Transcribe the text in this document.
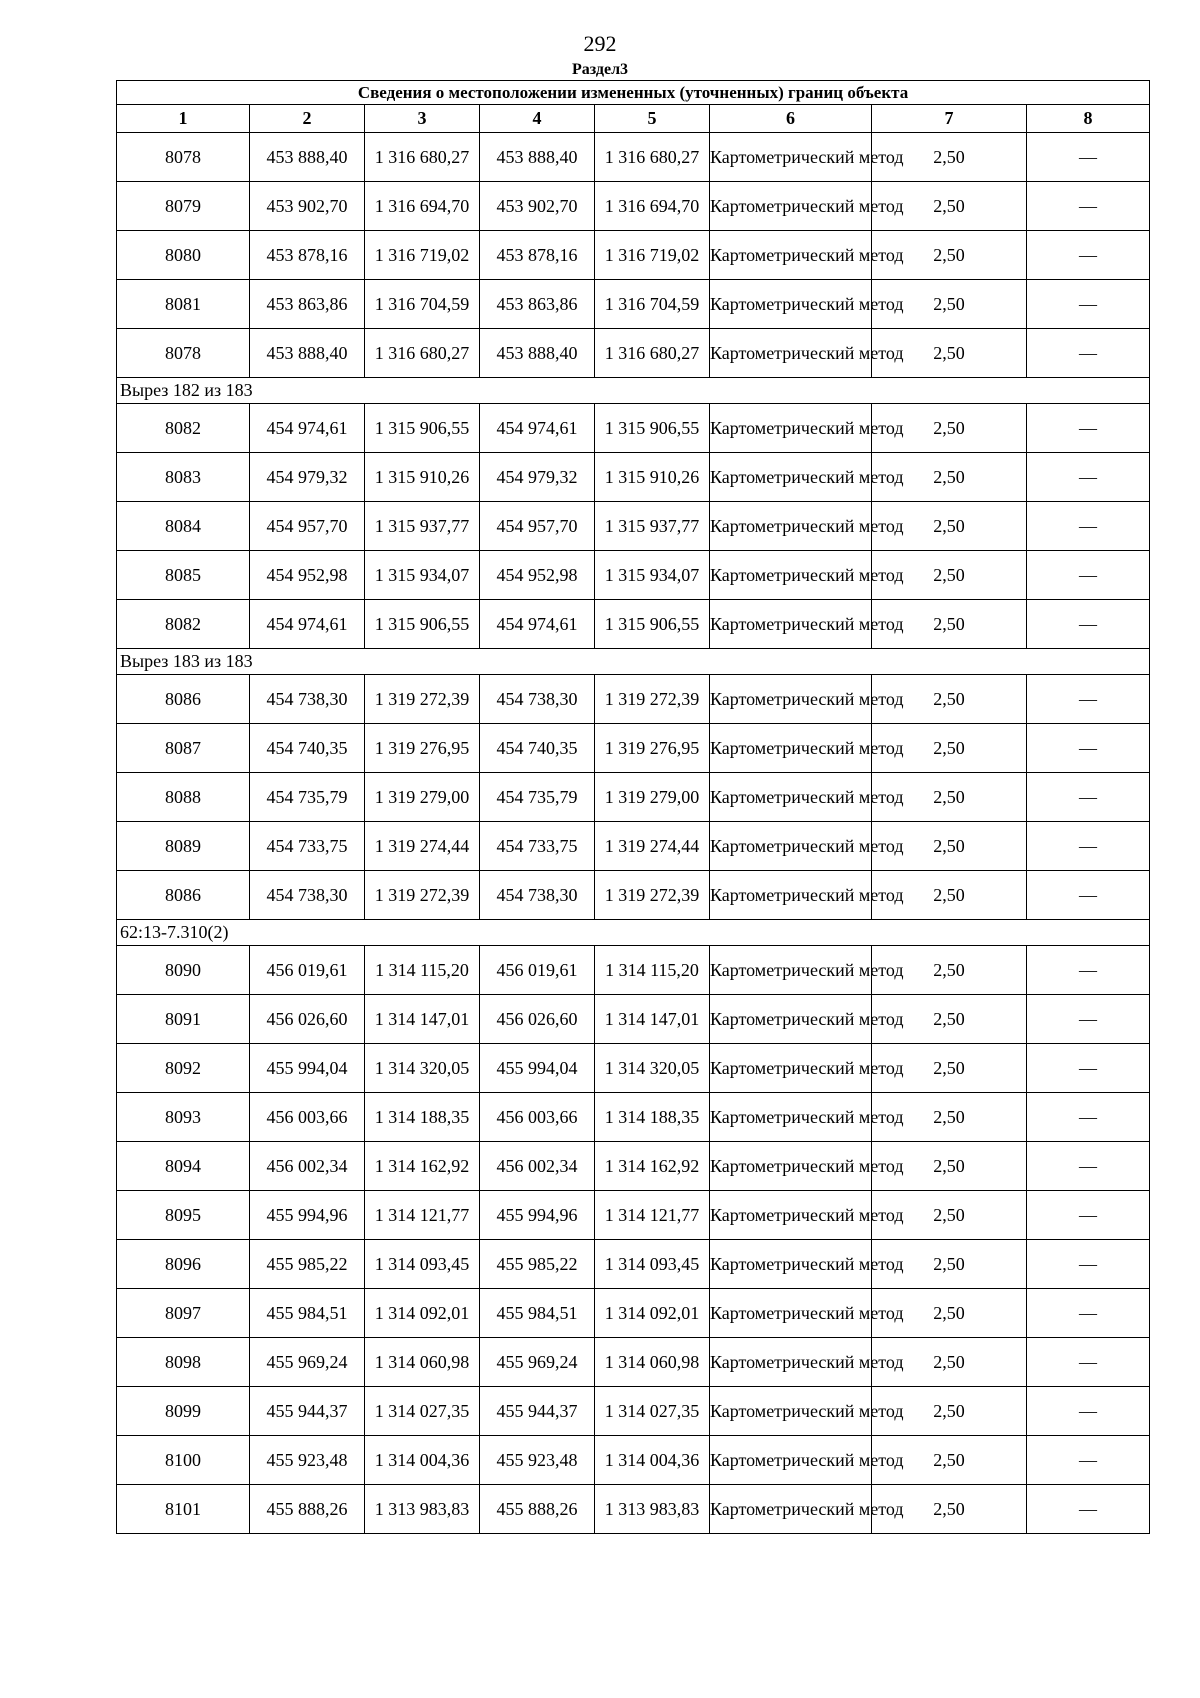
292
Раздел3
Сведения о местоположении измененных (уточненных) границ объекта							
1	2	3	4	5	6	7	8
8078	453 888,40	1 316 680,27	453 888,40	1 316 680,27	Картометрический метод	2,50	—
8079	453 902,70	1 316 694,70	453 902,70	1 316 694,70	Картометрический метод	2,50	—
8080	453 878,16	1 316 719,02	453 878,16	1 316 719,02	Картометрический метод	2,50	—
8081	453 863,86	1 316 704,59	453 863,86	1 316 704,59	Картометрический метод	2,50	—
8078	453 888,40	1 316 680,27	453 888,40	1 316 680,27	Картометрический метод	2,50	—
Вырез 182 из 183							
8082	454 974,61	1 315 906,55	454 974,61	1 315 906,55	Картометрический метод	2,50	—
8083	454 979,32	1 315 910,26	454 979,32	1 315 910,26	Картометрический метод	2,50	—
8084	454 957,70	1 315 937,77	454 957,70	1 315 937,77	Картометрический метод	2,50	—
8085	454 952,98	1 315 934,07	454 952,98	1 315 934,07	Картометрический метод	2,50	—
8082	454 974,61	1 315 906,55	454 974,61	1 315 906,55	Картометрический метод	2,50	—
Вырез 183 из 183							
8086	454 738,30	1 319 272,39	454 738,30	1 319 272,39	Картометрический метод	2,50	—
8087	454 740,35	1 319 276,95	454 740,35	1 319 276,95	Картометрический метод	2,50	—
8088	454 735,79	1 319 279,00	454 735,79	1 319 279,00	Картометрический метод	2,50	—
8089	454 733,75	1 319 274,44	454 733,75	1 319 274,44	Картометрический метод	2,50	—
8086	454 738,30	1 319 272,39	454 738,30	1 319 272,39	Картометрический метод	2,50	—
62:13-7.310(2)							
8090	456 019,61	1 314 115,20	456 019,61	1 314 115,20	Картометрический метод	2,50	—
8091	456 026,60	1 314 147,01	456 026,60	1 314 147,01	Картометрический метод	2,50	—
8092	455 994,04	1 314 320,05	455 994,04	1 314 320,05	Картометрический метод	2,50	—
8093	456 003,66	1 314 188,35	456 003,66	1 314 188,35	Картометрический метод	2,50	—
8094	456 002,34	1 314 162,92	456 002,34	1 314 162,92	Картометрический метод	2,50	—
8095	455 994,96	1 314 121,77	455 994,96	1 314 121,77	Картометрический метод	2,50	—
8096	455 985,22	1 314 093,45	455 985,22	1 314 093,45	Картометрический метод	2,50	—
8097	455 984,51	1 314 092,01	455 984,51	1 314 092,01	Картометрический метод	2,50	—
8098	455 969,24	1 314 060,98	455 969,24	1 314 060,98	Картометрический метод	2,50	—
8099	455 944,37	1 314 027,35	455 944,37	1 314 027,35	Картометрический метод	2,50	—
8100	455 923,48	1 314 004,36	455 923,48	1 314 004,36	Картометрический метод	2,50	—
8101	455 888,26	1 313 983,83	455 888,26	1 313 983,83	Картометрический метод	2,50	—
